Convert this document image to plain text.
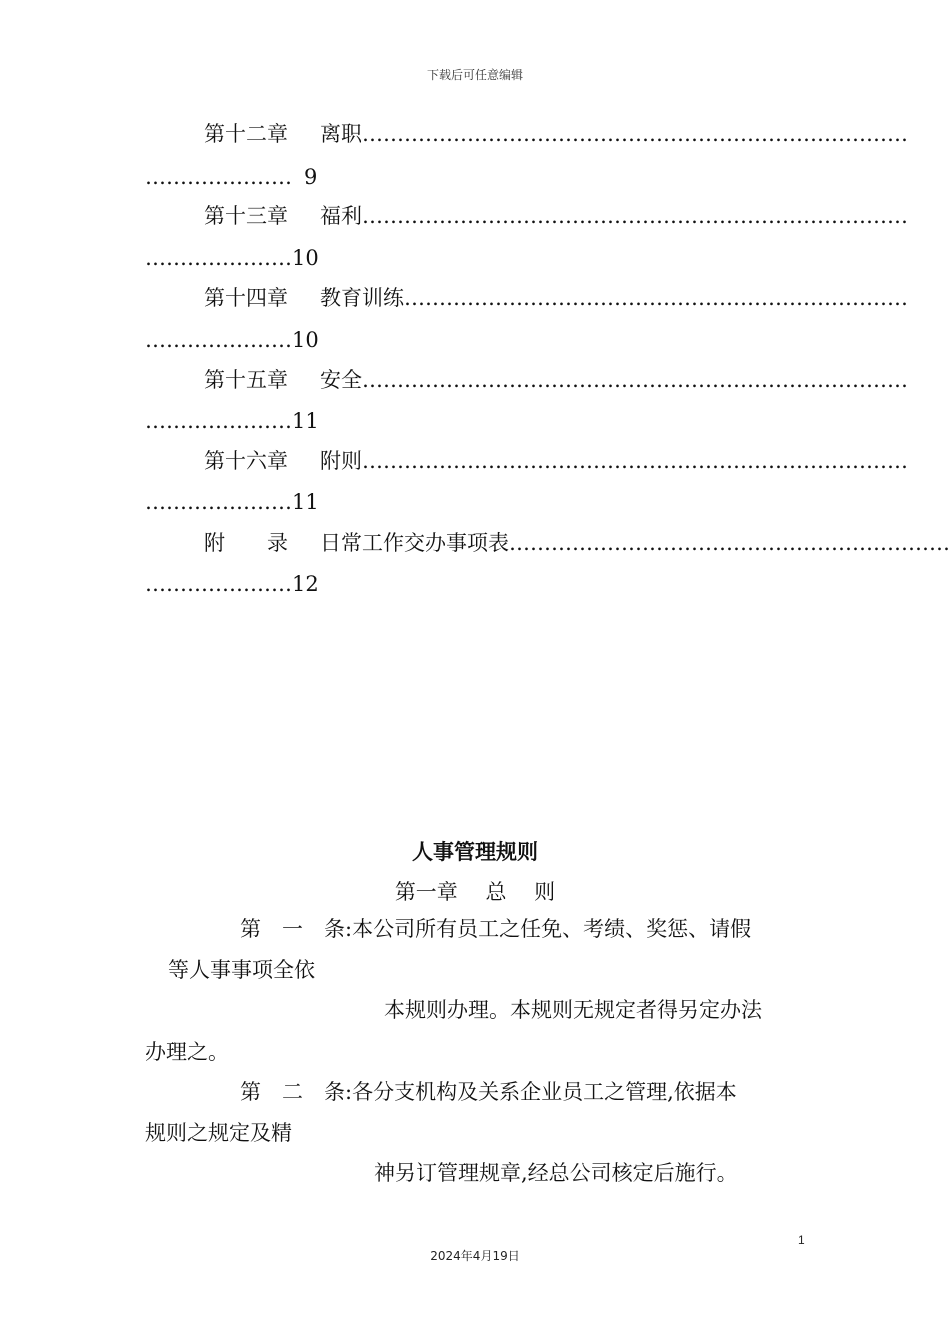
下载后可任意编辑
第十二章 离职……………………………………………………………………
………………… 9
第十三章 福利……………………………………………………………………
…………………10
第十四章 教育训练………………………………………………………………
…………………10
第十五章 安全……………………………………………………………………
…………………11
第十六章 附则……………………………………………………………………
…………………11
附　　录 日常工作交办事项表………………………………………………………
…………………12
人事管理规则
第一章　 总　 则
第　一　条:本公司所有员工之任免、考绩、奖惩、请假
等人事事项全依
本规则办理。本规则无规定者得另定办法
办理之。
第　二　条:各分支机构及关系企业员工之管理,依据本
规则之规定及精
神另订管理规章,经总公司核定后施行。
1
2024年4月19日
